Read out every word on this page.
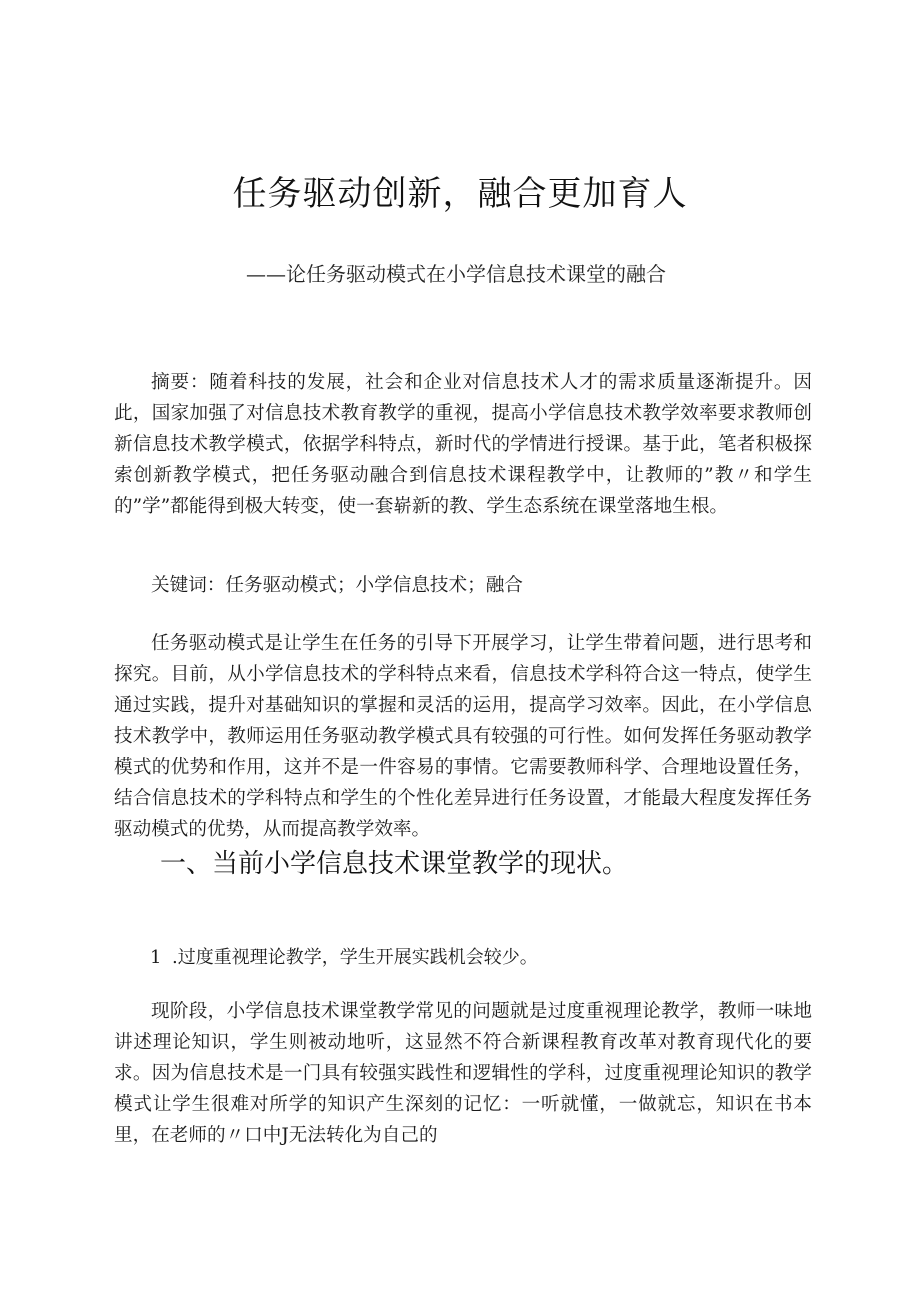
任务驱动创新，融合更加育人
——论任务驱动模式在小学信息技术课堂的融合

摘要：随着科技的发展，社会和企业对信息技术人才的需求质量逐渐提升。因此，国家加强了对信息技术教育教学的重视，提高小学信息技术教学效率要求教师创新信息技术教学模式，依据学科特点，新时代的学情进行授课。基于此，笔者积极探索创新教学模式，把任务驱动融合到信息技术课程教学中，让教师的”教〃和学生的”学”都能得到极大转变，使一套崭新的教、学生态系统在课堂落地生根。

关键词：任务驱动模式；小学信息技术；融合

任务驱动模式是让学生在任务的引导下开展学习，让学生带着问题，进行思考和探究。目前，从小学信息技术的学科特点来看，信息技术学科符合这一特点，使学生通过实践，提升对基础知识的掌握和灵活的运用，提高学习效率。因此，在小学信息技术教学中，教师运用任务驱动教学模式具有较强的可行性。如何发挥任务驱动教学模式的优势和作用，这并不是一件容易的事情。它需要教师科学、合理地设置任务，结合信息技术的学科特点和学生的个性化差异进行任务设置，才能最大程度发挥任务驱动模式的优势，从而提高教学效率。

一、当前小学信息技术课堂教学的现状。
1 .过度重视理论教学，学生开展实践机会较少。

现阶段，小学信息技术课堂教学常见的问题就是过度重视理论教学，教师一味地讲述理论知识，学生则被动地听，这显然不符合新课程教育改革对教育现代化的要求。因为信息技术是一门具有较强实践性和逻辑性的学科，过度重视理论知识的教学模式让学生很难对所学的知识产生深刻的记忆：一听就懂，一做就忘，知识在书本里，在老师的〃口中J无法转化为自己的
